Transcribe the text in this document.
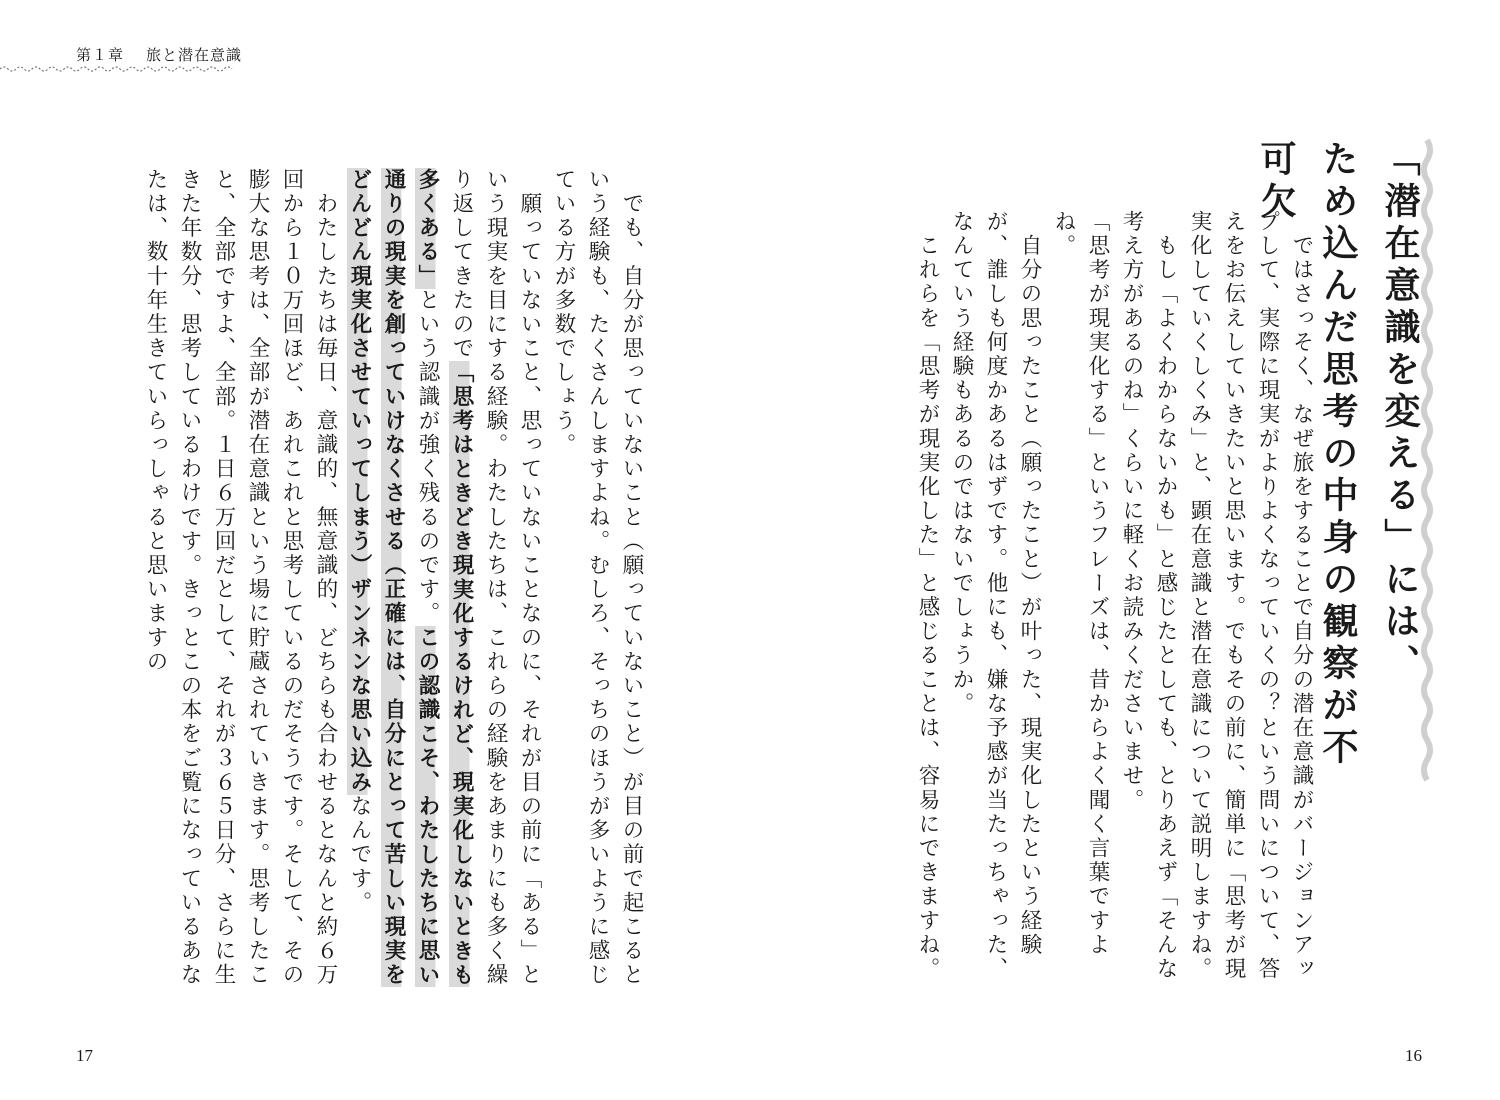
第１章 旅と潜在意識
「潜在意識を変える」には、
ため込んだ思考の中身の観察が不可欠
　ではさっそく、なぜ旅をすることで自分の潜在意識がバージョンアップして、実際に現実がよりよくなっていくの？という問いについて、答えをお伝えしていきたいと思います。でもその前に、簡単に「思考が現実化していくしくみ」と、顕在意識と潜在意識について説明しますね。
　もし「よくわからないかも」と感じたとしても、とりあえず「そんな考え方があるのね」くらいに軽くお読みくださいませ。
「思考が現実化する」というフレーズは、昔からよく聞く言葉ですよね。
　自分の思ったこと（願ったこと）が叶った、現実化したという経験が、誰しも何度かあるはずです。他にも、嫌な予感が当たっちゃった、なんていう経験もあるのではないでしょうか。
　これらを「思考が現実化した」と感じることは、容易にできますね。
　でも、自分が思っていないこと（願っていないこと）が目の前で起こるという経験も、たくさんしますよね。むしろ、そっちのほうが多いように感じている方が多数でしょう。
　願っていないこと、思っていないことなのに、それが目の前に「ある」という現実を目にする経験。わたしたちは、これらの経験をあまりにも多く繰り返してきたので「思考はときどき現実化するけれど、現実化しないときも多くある」という認識が強く残るのです。この認識こそ、わたしたちに思い通りの現実を創っていけなくさせる（正確には、自分にとって苦しい現実をどんどん現実化させていってしまう）ザンネンな思い込みなんです。
　わたしたちは毎日、意識的、無意識的、どちらも合わせるとなんと約６万回から１０万回ほど、あれこれと思考しているのだそうです。そして、その膨大な思考は、全部が潜在意識という場に貯蔵されていきます。思考したこと、全部ですよ、全部。１日６万回だとして、それが３６５日分、さらに生きた年数分、思考しているわけです。きっとこの本をご覧になっているあなたは、数十年生きていらっしゃると思いますの
17	16
